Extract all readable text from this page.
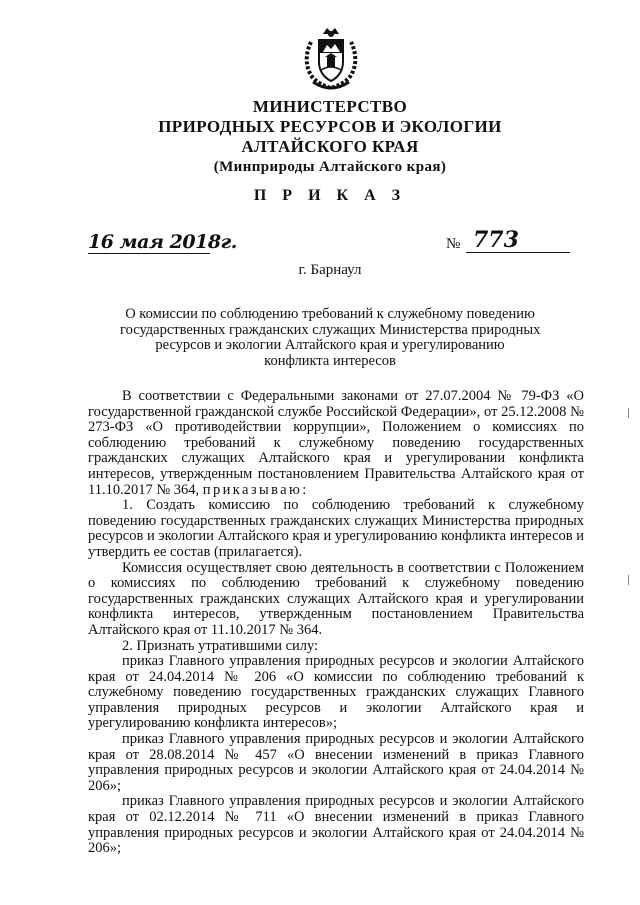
МИНИСТЕРСТВО
ПРИРОДНЫХ РЕСУРСОВ И ЭКОЛОГИИ
АЛТАЙСКОГО КРАЯ
(Минприроды Алтайского края)
П Р И К А З
16 мая 2018г.	№ 773
г. Барнаул
О комиссии по соблюдению требований к служебному поведению
государственных гражданских служащих Министерства природных
ресурсов и экологии Алтайского края и урегулированию
конфликта интересов

В соответствии с Федеральными законами от 27.07.2004 № 79-ФЗ «О государственной гражданской службе Российской Федерации», от 25.12.2008 № 273-ФЗ «О противодействии коррупции», Положением о комиссиях по соблюдению требований к служебному поведению государственных гражданских служащих Алтайского края и урегулировании конфликта интересов, утвержденным постановлением Правительства Алтайского края от 11.10.2017 № 364, приказываю:

1. Создать комиссию по соблюдению требований к служебному поведению государственных гражданских служащих Министерства природных ресурсов и экологии Алтайского края и урегулированию конфликта интересов и утвердить ее состав (прилагается).

Комиссия осуществляет свою деятельность в соответствии с Положением о комиссиях по соблюдению требований к служебному поведению государственных гражданских служащих Алтайского края и урегулировании конфликта интересов, утвержденным постановлением Правительства Алтайского края от 11.10.2017 № 364.

2. Признать утратившими силу:

приказ Главного управления природных ресурсов и экологии Алтайского края от 24.04.2014 № 206 «О комиссии по соблюдению требований к служебному поведению государственных гражданских служащих Главного управления природных ресурсов и экологии Алтайского края и урегулированию конфликта интересов»;

приказ Главного управления природных ресурсов и экологии Алтайского края от 28.08.2014 № 457 «О внесении изменений в приказ Главного управления природных ресурсов и экологии Алтайского края от 24.04.2014 № 206»;

приказ Главного управления природных ресурсов и экологии Алтайского края от 02.12.2014 № 711 «О внесении изменений в приказ Главного управления природных ресурсов и экологии Алтайского края от 24.04.2014 № 206»;
